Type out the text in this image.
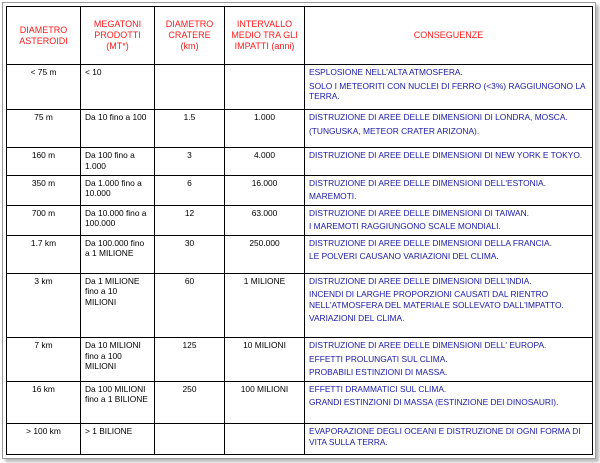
DIAMETRO ASTEROIDI	MEGATONI PRODOTTI (MT*)	DIAMETRO CRATERE (km)	INTERVALLO MEDIO TRA GLI IMPATTI (anni)	CONSEGUENZE
< 75 m	< 10			ESPLOSIONE NELL'ALTA ATMOSFERA.
SOLO I METEORITI CON NUCLEI DI FERRO (<3%) RAGGIUNGONO LA TERRA.

75 m	Da 10 fino a 100	1.5	1.000	DISTRUZIONE DI AREE DELLE DIMENSIONI DI LONDRA, MOSCA.
(TUNGUSKA, METEOR CRATER ARIZONA).

160 m	Da 100 fino a 1.000	3	4.000	DISTRUZIONE DI AREE DELLE DIMENSIONI DI NEW YORK E TOKYO.

350 m	Da 1.000 fino a 10.000	6	16.000	DISTRUZIONE DI AREE DELLE DIMENSIONI DELL'ESTONIA.
MAREMOTI.

700 m	Da 10.000 fino a 100.000	12	63.000	DISTRUZIONE DI AREE DELLE DIMENSIONI DI TAIWAN.
I MAREMOTI RAGGIUNGONO SCALE MONDIALI.

1.7 km	Da 100.000 fino a 1 MILIONE	30	250.000	DISTRUZIONE DI AREE DELLE DIMENSIONI DELLA FRANCIA.
LE POLVERI CAUSANO VARIAZIONI DEL CLIMA.

3 km	Da 1 MILIONE fino a 10 MILIONI	60	1 MILIONE	DISTRUZIONE DI AREE DELLE DIMENSIONI DELL'INDIA.
INCENDI DI LARGHE PROPORZIONI CAUSATI DAL RIENTRO NELL'ATMOSFERA DEL MATERIALE SOLLEVATO DALL'IMPATTO.
VARIAZIONI DEL CLIMA.

7 km	Da 10 MILIONI fino a 100 MILIONI	125	10 MILIONI	DISTRUZIONE DI AREE DELLE DIMENSIONI DELL' EUROPA.
EFFETTI PROLUNGATI SUL CLIMA.
PROBABILI ESTINZIONI DI MASSA.

16 km	Da 100 MILIONI fino a 1 BILIONE	250	100 MILIONI	EFFETTI DRAMMATICI SUL CLIMA.
GRANDI ESTINZIONI DI MASSA (ESTINZIONE DEI DINOSAURI).

> 100 km	> 1 BILIONE			EVAPORAZIONE DEGLI OCEANI E DISTRUZIONE DI OGNI FORMA DI VITA SULLA TERRA.
